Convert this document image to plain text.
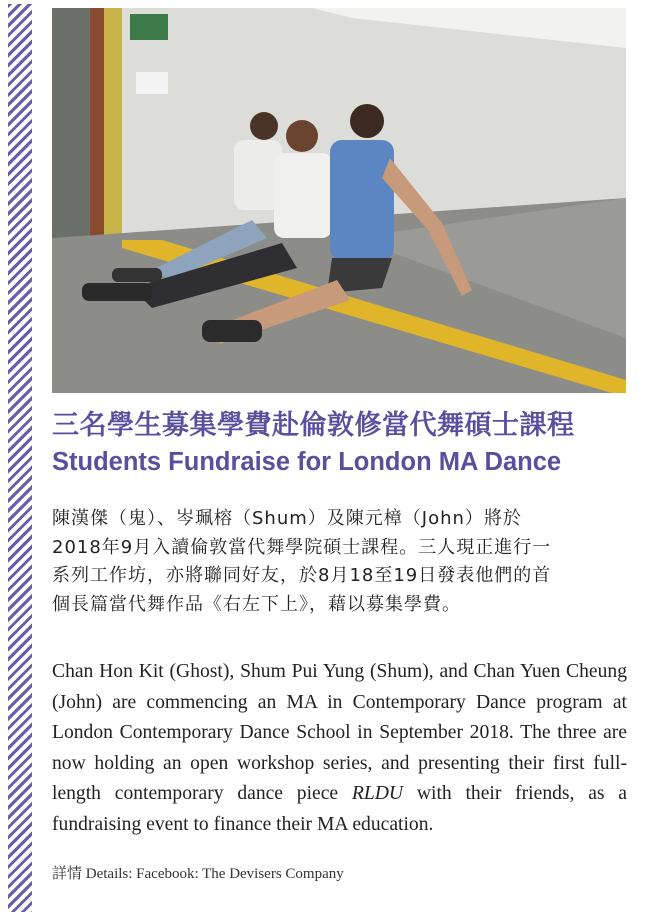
三名學生募集學費赴倫敦修當代舞碩士課程

Students Fundraise for London MA Dance

陳漢傑（鬼）、岑珮榕（Shum）及陳元樟（John）將於
2018年9月入讀倫敦當代舞學院碩士課程。三人現正進行一
系列工作坊，亦將聯同好友，於8月18至19日發表他們的首
個長篇當代舞作品《右左下上》，藉以募集學費。

Chan Hon Kit (Ghost), Shum Pui Yung (Shum), and Chan Yuen Cheung (John) are commencing an MA in Contemporary Dance program at London Contemporary Dance School in September 2018. The three are now holding an open workshop series, and presenting their first full-length contemporary dance piece RLDU with their friends, as a fundraising event to finance their MA education.

詳情 Details: Facebook: The Devisers Company
